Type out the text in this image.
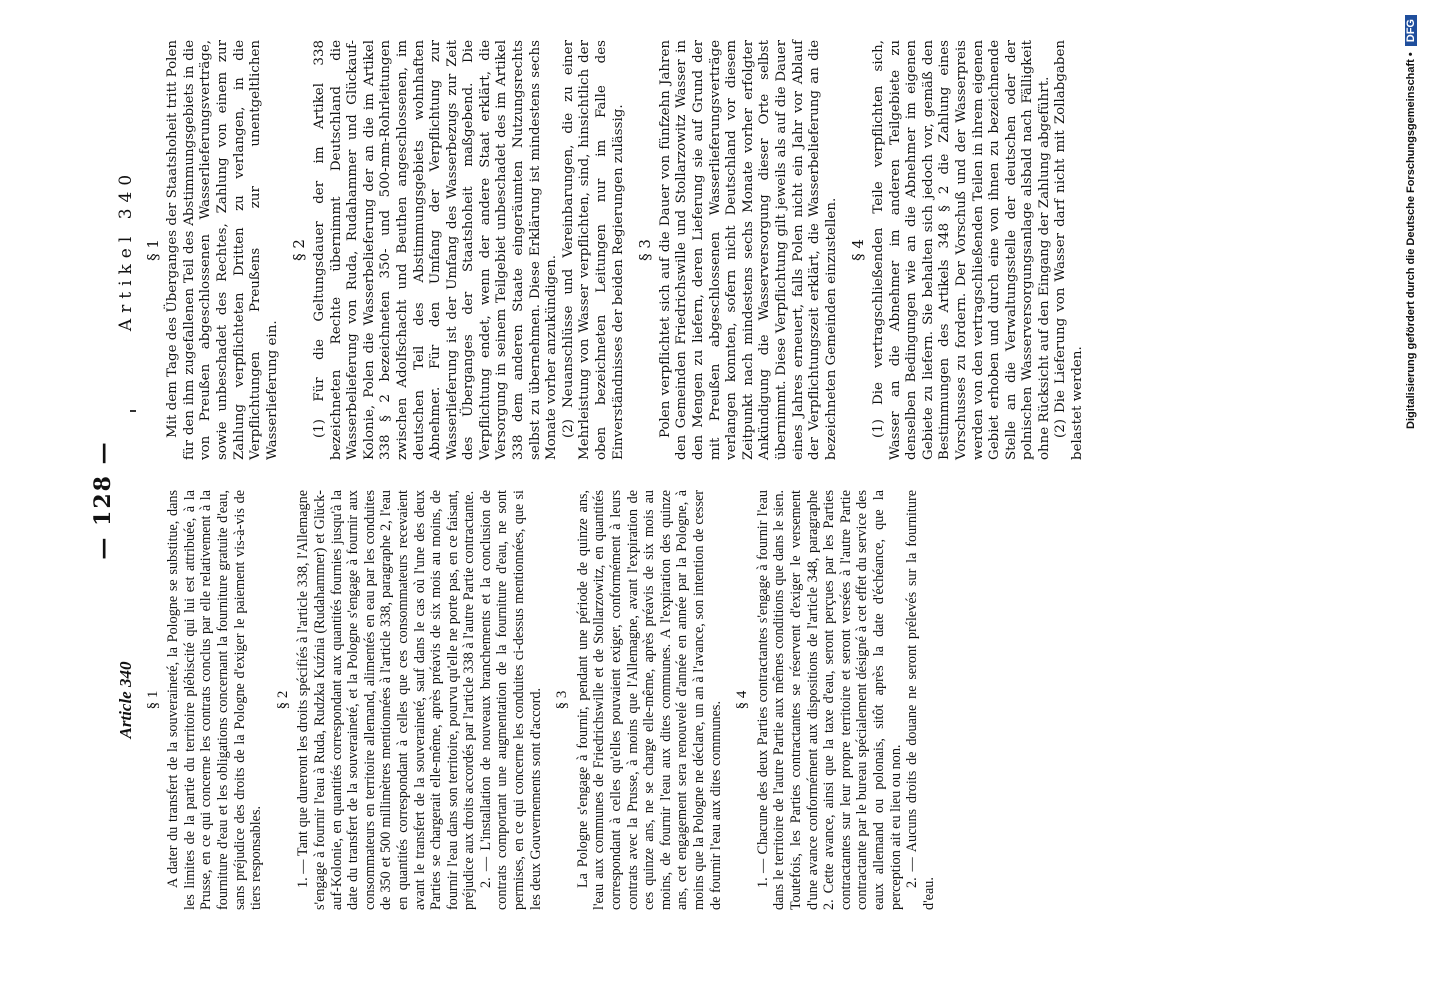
— 128 —
Article 340 § 1 A dater du transfert de la souveraineté, la Pologne se substitue, dans les limites de la partie du territoire plébiscité qui lui est attribuée, à la Prusse, en ce qui concerne les contrats conclus par elle relativement à la fourniture d'eau et les obligations concernant la fourniture gratuite d'eau, sans préjudice des droits de la Pologne d'exiger le paiement vis-à-vis de tiers responsables.

§ 2 1. — Tant que dureront les droits spécifiés à l'article 338, l'Allemagne s'engage à fournir l'eau à Ruda, Rudzka Kuźnia (Rudahammer) et Glück-auf-Kolonie, en quantités correspondant aux quantités fournies jusqu'à la date du transfert de la souveraineté, et la Pologne s'engage à fournir aux consommateurs en territoire allemand, alimentés en eau par les conduites de 350 et 500 millimètres mentionnées à l'article 338, paragraphe 2, l'eau en quantités correspondant à celles que ces consommateurs recevaient avant le transfert de la souveraineté, sauf dans le cas où l'une des deux Parties se chargerait elle-même, après préavis de six mois au moins, de fournir l'eau dans son territoire, pourvu qu'elle ne porte pas, en ce faisant, préjudice aux droits accordés par l'article 338 à l'autre Partie contractante. 2. — L'installation de nouveaux branchements et la conclusion de contrats comportant une augmentation de la fourniture d'eau, ne sont permises, en ce qui concerne les conduites ci-dessus mentionnées, que si les deux Gouvernements sont d'accord. § 3 La Pologne s'engage à fournir, pendant une période de quinze ans, l'eau aux communes de Friedrichswille et de Stollarzowitz, en quantités correspondant à celles qu'elles pouvaient exiger, conformément à leurs contrats avec la Prusse, à moins que l'Allemagne, avant l'expiration de ces quinze ans, ne se charge elle-même, après préavis de six mois au moins, de fournir l'eau aux dites communes. A l'expiration des quinze ans, cet engagement sera renouvelé d'année en année par la Pologne, à moins que la Pologne ne déclare, un an à l'avance, son intention de cesser de fournir l'eau aux dites communes.

§ 4 1. — Chacune des deux Parties contractantes s'engage à fournir l'eau dans le territoire de l'autre Partie aux mêmes conditions que dans le sien. Toutefois, les Parties contractantes se réservent d'exiger le versement d'une avance conformément aux dispositions de l'article 348, paragraphe 2. Cette avance, ainsi que la taxe d'eau, seront perçues par les Parties contractantes sur leur propre territoire et seront versées à l'autre Partie contractante par le bureau spécialement désigné à cet effet du service des eaux allemand ou polonais, sitôt après la date d'échéance, que la perception ait eu lieu ou non. 2. — Aucuns droits de douane ne seront prélevés sur la fourniture d'eau.

Artikel 340 § 1 Mit dem Tage des Überganges der Staatshoheit tritt Polen für den ihm zugefallenen Teil des Abstimmungsgebiets in die von Preußen abgeschlossenen Wasserlieferungsverträge, sowie unbeschadet des Rechtes, Zahlung von einem zur Zahlung verpflichteten Dritten zu verlangen, in die Verpflichtungen Preußens zur unentgeltlichen Wasserlieferung ein.

§ 2 (1) Für die Geltungsdauer der im Artikel 338 bezeichneten Rechte übernimmt Deutschland die Wasserbelieferung von Ruda, Rudahammer und Glückauf-Kolonie, Polen die Wasserbelieferung der an die im Artikel 338 § 2 bezeichneten 350- und 500-mm-Rohrleitungen zwischen Adolfschacht und Beuthen angeschlossenen, im deutschen Teil des Abstimmungsgebiets wohnhaften Abnehmer. Für den Umfang der Verpflichtung zur Wasserlieferung ist der Umfang des Wasserbezugs zur Zeit des Überganges der Staatshoheit maßgebend. Die Verpflichtung endet, wenn der andere Staat erklärt, die Versorgung in seinem Teilgebiet unbeschadet des im Artikel 338 dem anderen Staate eingeräumten Nutzungsrechts selbst zu übernehmen. Diese Erklärung ist mindestens sechs Monate vorher anzukündigen. (2) Neuanschlüsse und Vereinbarungen, die zu einer Mehrleistung von Wasser verpflichten, sind, hinsichtlich der oben bezeichneten Leitungen nur im Falle des Einverständnisses der beiden Regierungen zulässig. § 3 Polen verpflichtet sich auf die Dauer von fünfzehn Jahren den Gemeinden Friedrichswille und Stollarzowitz Wasser in den Mengen zu liefern, deren Lieferung sie auf Grund der mit Preußen abgeschlossenen Wasserlieferungsverträge verlangen konnten, sofern nicht Deutschland vor diesem Zeitpunkt nach mindestens sechs Monate vorher erfolgter Ankündigung die Wasserversorgung dieser Orte selbst übernimmt. Diese Verpflichtung gilt jeweils als auf die Dauer eines Jahres erneuert, falls Polen nicht ein Jahr vor Ablauf der Verpflichtungszeit erklärt, die Wasserbelieferung an die bezeichneten Gemeinden einzustellen. § 4 (1) Die vertragschließenden Teile verpflichten sich, Wasser an die Abnehmer im anderen Teilgebiete zu denselben Bedingungen wie an die Abnehmer im eigenen Gebiete zu liefern. Sie behalten sich jedoch vor, gemäß den Bestimmungen des Artikels 348 § 2 die Zahlung eines Vorschusses zu fordern. Der Vorschuß und der Wasserpreis werden von den vertragschließenden Teilen in ihrem eigenen Gebiet erhoben und durch eine von ihnen zu bezeichnende Stelle an die Verwaltungsstelle der deutschen oder der polnischen Wasserversorgungsanlage alsbald nach Fälligkeit ohne Rücksicht auf den Eingang der Zahlung abgeführt. (2) Die Lieferung von Wasser darf nicht mit Zollabgaben belastet werden.	Digitalisierung gefördert durch die Deutsche Forschungsgemeinschaft •DFG
